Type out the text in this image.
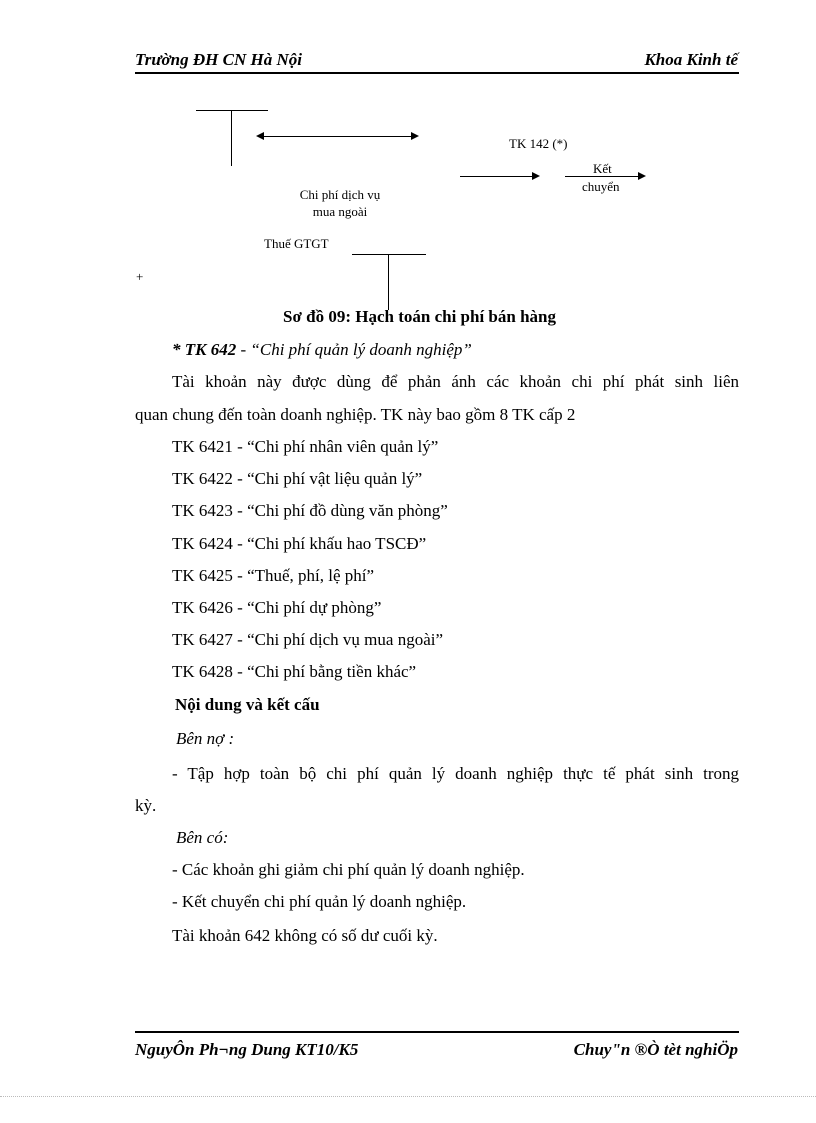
Trường ĐH CN Hà Nội	Khoa Kinh tế
TK 142 (*)
Kết
chuyển
Chi phí dịch vụ
mua ngoài
Thuế GTGT
+
Sơ đồ 09: Hạch toán chi phí bán hàng
* TK 642 - “Chi phí quản lý doanh nghiệp”
Tài khoản này được dùng để phản ánh các khoản chi phí phát sinh liên
quan chung đến toàn doanh nghiệp. TK này bao gồm 8 TK cấp 2
TK 6421 - “Chi phí nhân viên quản lý”
TK 6422 - “Chi phí vật liệu quản lý”
TK 6423 - “Chi phí đồ dùng văn phòng”
TK 6424 - “Chi phí khấu hao TSCĐ”
TK 6425 - “Thuế, phí, lệ phí”
TK 6426 - “Chi phí dự phòng”
TK 6427 - “Chi phí dịch vụ mua ngoài”
TK 6428 - “Chi phí bằng tiền khác”
Nội dung và kết cấu
Bên nợ :
- Tập hợp toàn bộ chi phí quản lý doanh nghiệp thực tế phát sinh trong
kỳ.
Bên có:
- Các khoản ghi giảm chi phí quản lý doanh nghiệp.
- Kết chuyển chi phí quản lý doanh nghiệp.
Tài khoản 642 không có số dư cuối kỳ.
NguyÔn Ph¬ng Dung KT10/K5	Chuy"n ®Ò tèt nghiÖp
